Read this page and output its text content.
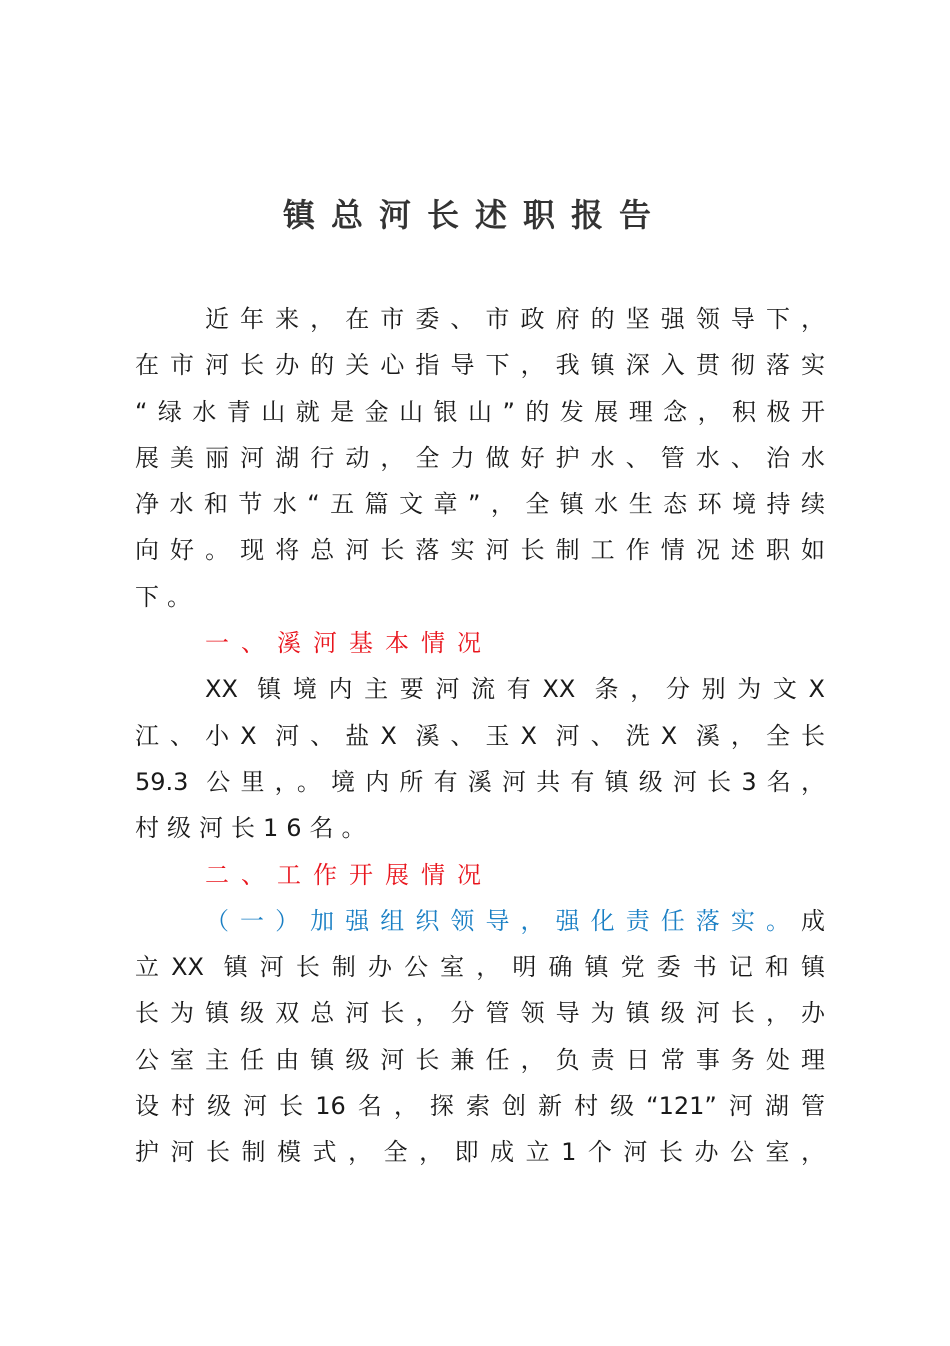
镇总河长述职报告
近年来，在市委、市政府的坚强领导下，
在市河长办的关心指导下，我镇深入贯彻落实
“绿水青山就是金山银山”的发展理念，积极开
展美丽河湖行动，全力做好护水、管水、治水
净水和节水“五篇文章”，全镇水生态环境持续
向好。现将总河长落实河长制工作情况述职如
下。
一、溪河基本情况
XX 镇境内主要河流有XX 条，分别为文X
江、小X 河、盐X 溪、玉X 河、洗X 溪，全长
59.3 公里，。境内所有溪河共有镇级河长3名，
村级河长16名。
二、工作开展情况
（一）加强组织领导，强化责任落实。成
立XX 镇河长制办公室，明确镇党委书记和镇
长为镇级双总河长，分管领导为镇级河长，办
公室主任由镇级河长兼任，负责日常事务处理
设村级河长16名，探索创新村级“121”河湖管
护河长制模式，全，即成立1个河长办公室，
